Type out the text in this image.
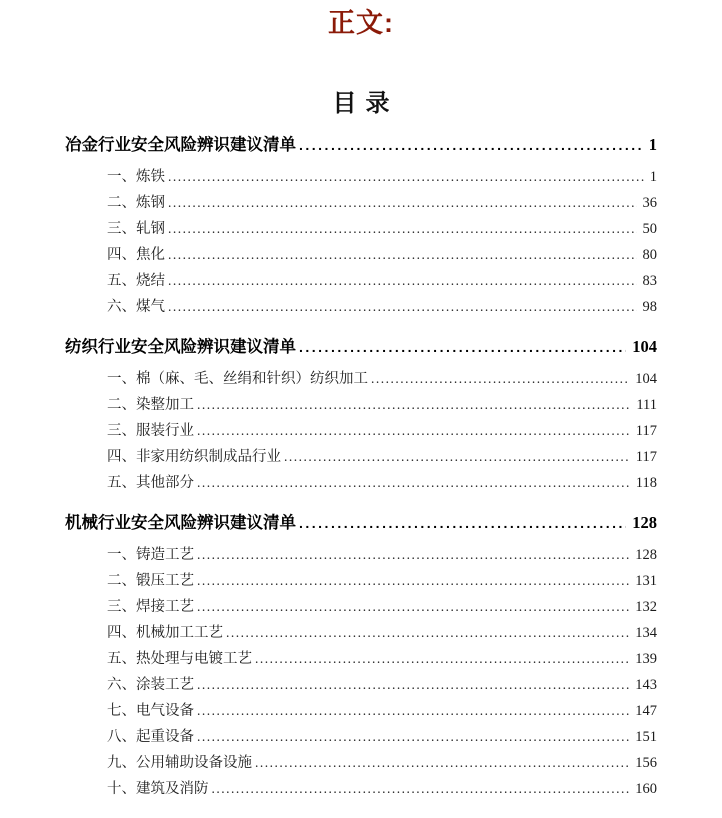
正文:
目录
冶金行业安全风险辨识建议清单 .....	1
一、炼铁 .....	1
二、炼钢 .....	36
三、轧钢 .....	50
四、焦化 .....	80
五、烧结 .....	83
六、煤气 .....	98
纺织行业安全风险辨识建议清单 .....	104
一、棉（麻、毛、丝绢和针织）纺织加工 .....	104
二、染整加工 .....	111
三、服装行业 .....	117
四、非家用纺织制成品行业 .....	117
五、其他部分 .....	118
机械行业安全风险辨识建议清单 .....	128
一、铸造工艺 .....	128
二、锻压工艺 .....	131
三、焊接工艺 .....	132
四、机械加工工艺 .....	134
五、热处理与电镀工艺 .....	139
六、涂装工艺 .....	143
七、电气设备 .....	147
八、起重设备 .....	151
九、公用辅助设备设施 .....	156
十、建筑及消防 .....	160
